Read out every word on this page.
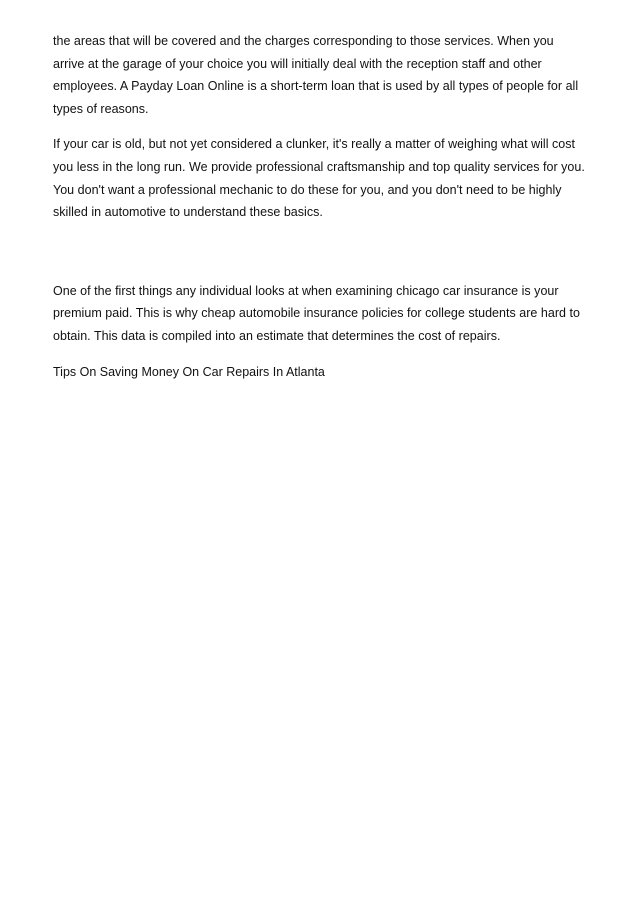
the areas that will be covered and the charges corresponding to those services. When you arrive at the garage of your choice you will initially deal with the reception staff and other employees. A Payday Loan Online is a short-term loan that is used by all types of people for all types of reasons.

If your car is old, but not yet considered a clunker, it's really a matter of weighing what will cost you less in the long run. We provide professional craftsmanship and top quality services for you. You don't want a professional mechanic to do these for you, and you don't need to be highly skilled in automotive to understand these basics.

One of the first things any individual looks at when examining chicago car insurance is your premium paid. This is why cheap automobile insurance policies for college students are hard to obtain. This data is compiled into an estimate that determines the cost of repairs.

Tips On Saving Money On Car Repairs In Atlanta
